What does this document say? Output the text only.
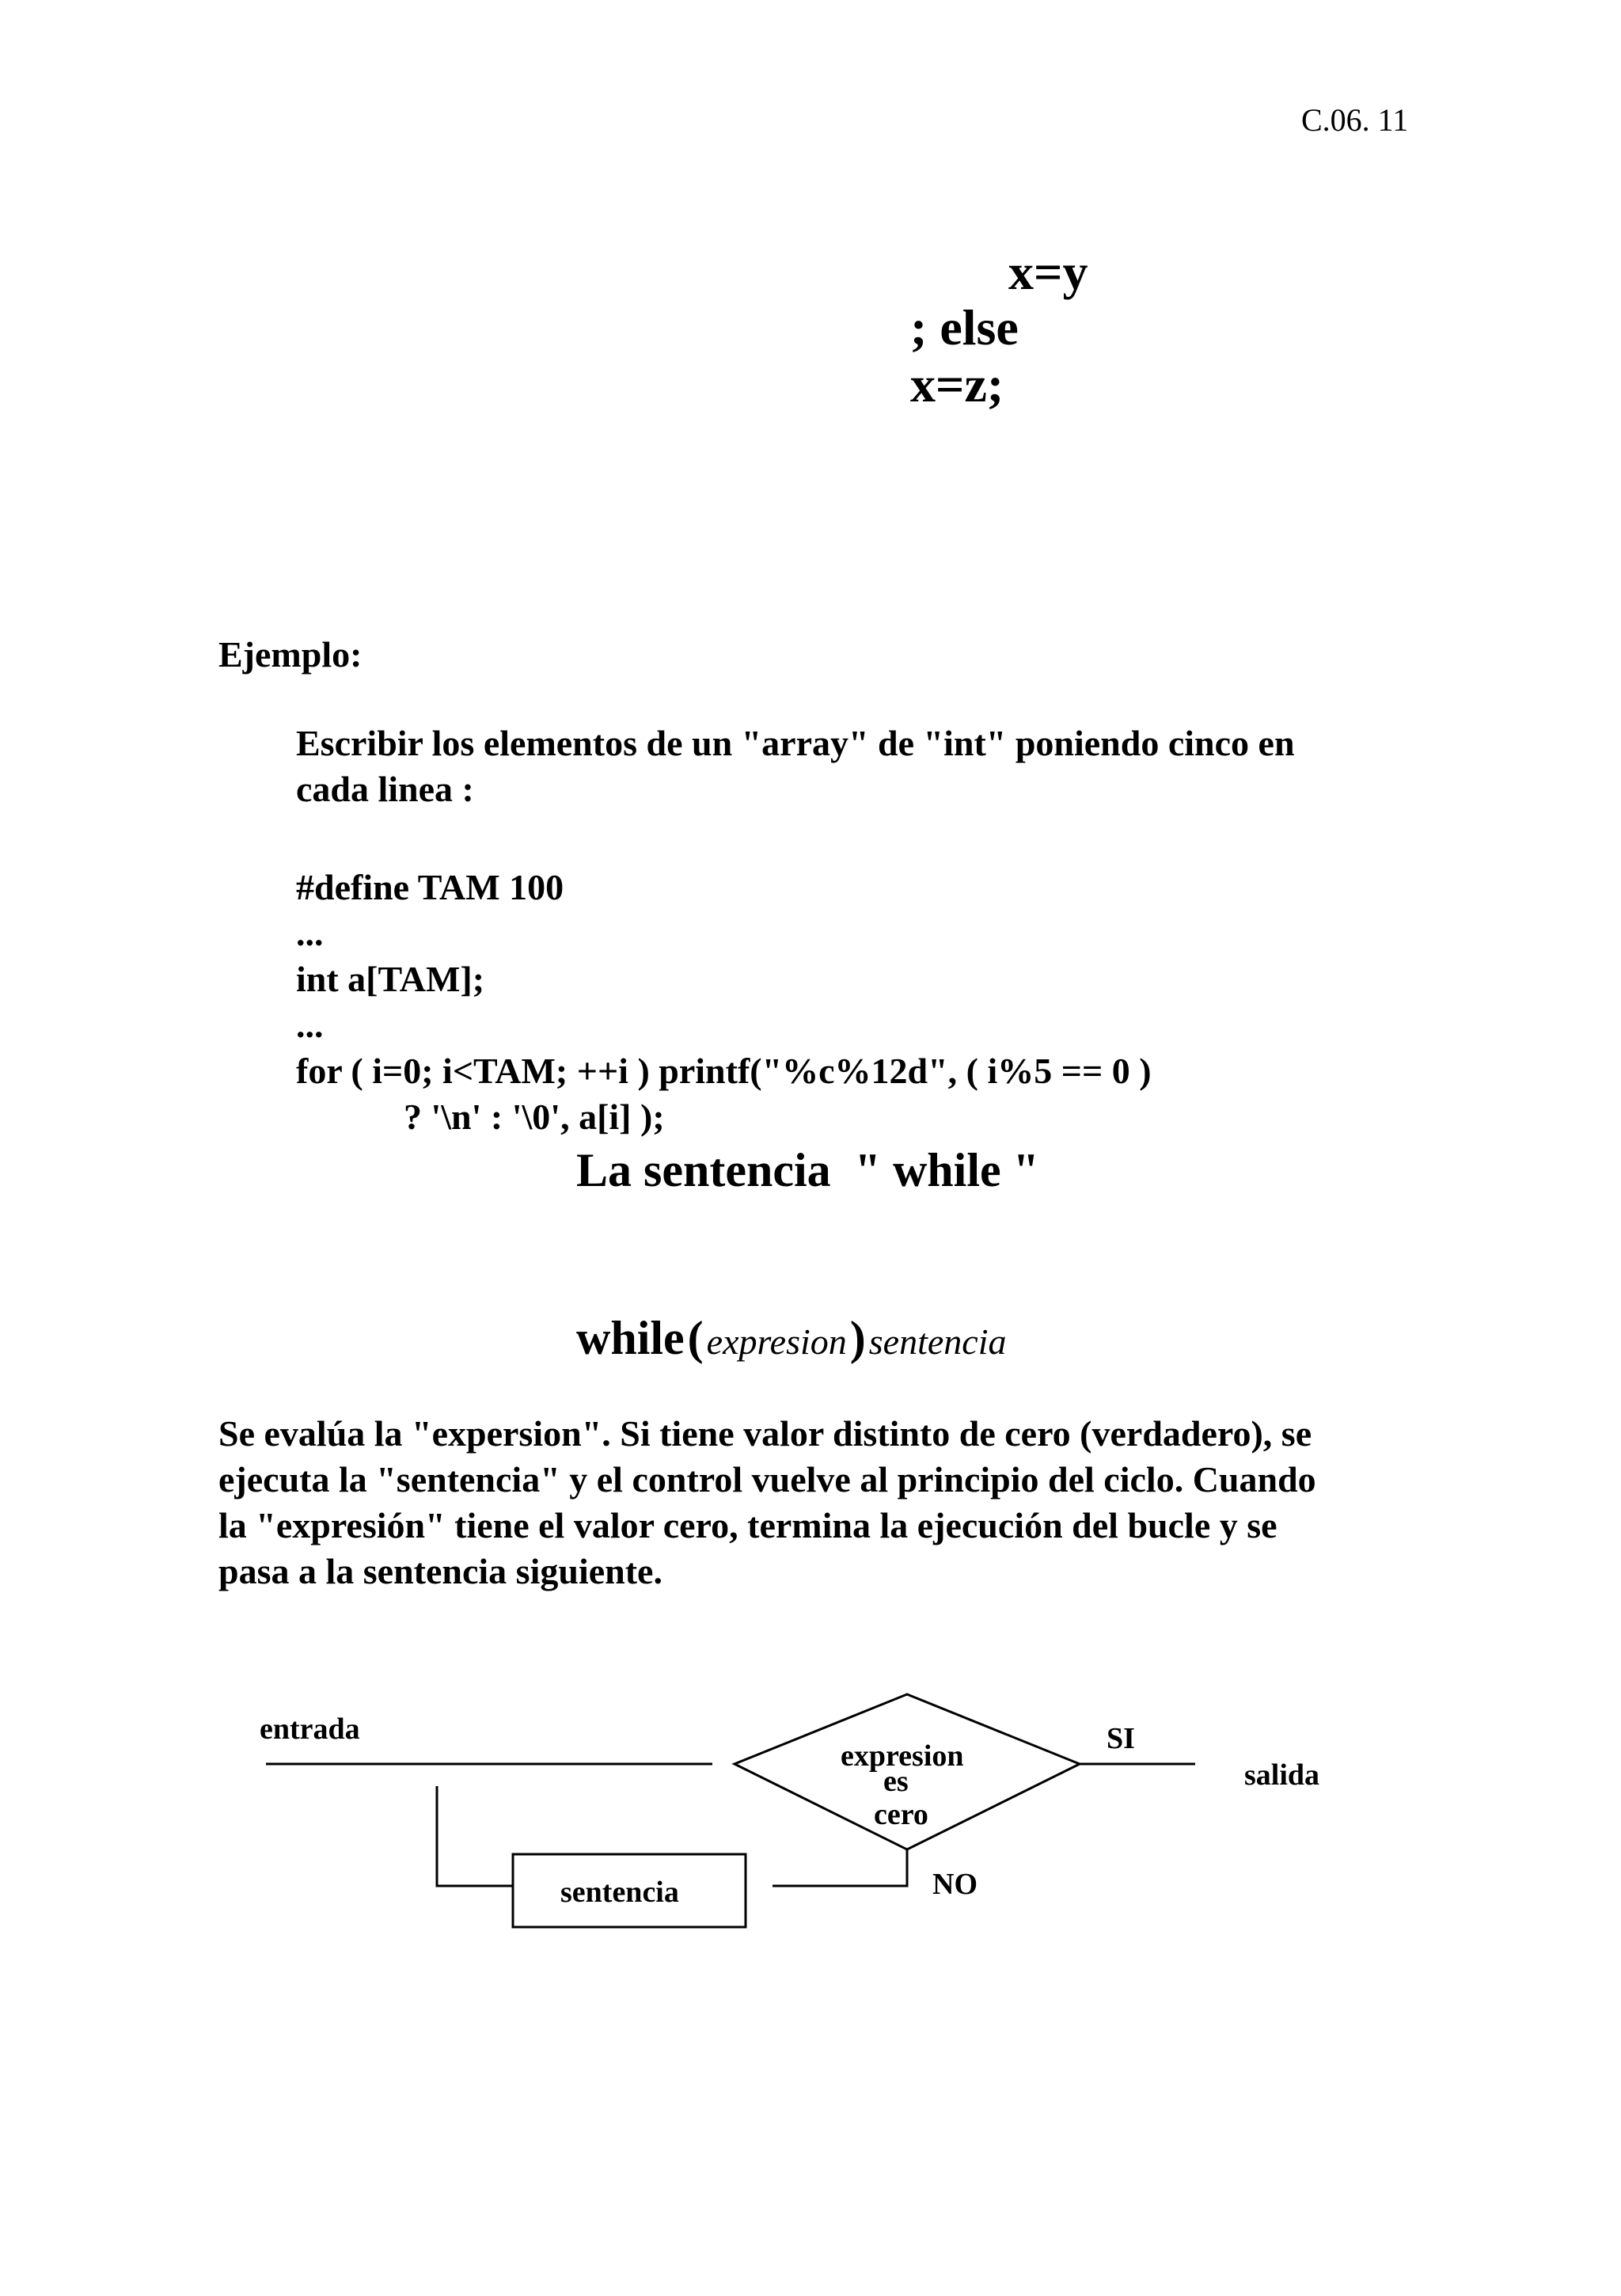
C.06. 11
x=y
; else
x=z;
Ejemplo:
Escribir los elementos de un "array" de "int" poniendo cinco en
cada linea :
#define TAM 100
...
int a[TAM];
...
for ( i=0; i<TAM; ++i ) printf("%c%12d", ( i%5 == 0 )
? '\n' : '\0', a[i] );
La sentencia  " while "
while ( expresion ) sentencia
Se evalúa la "expersion". Si tiene valor distinto de cero (verdadero), se
ejecuta la "sentencia" y el control vuelve al principio del ciclo. Cuando
la "expresión" tiene el valor cero, termina la ejecución del bucle y se
pasa a la sentencia siguiente.
entrada
expresion
es
cero
SI
salida
NO
sentencia
